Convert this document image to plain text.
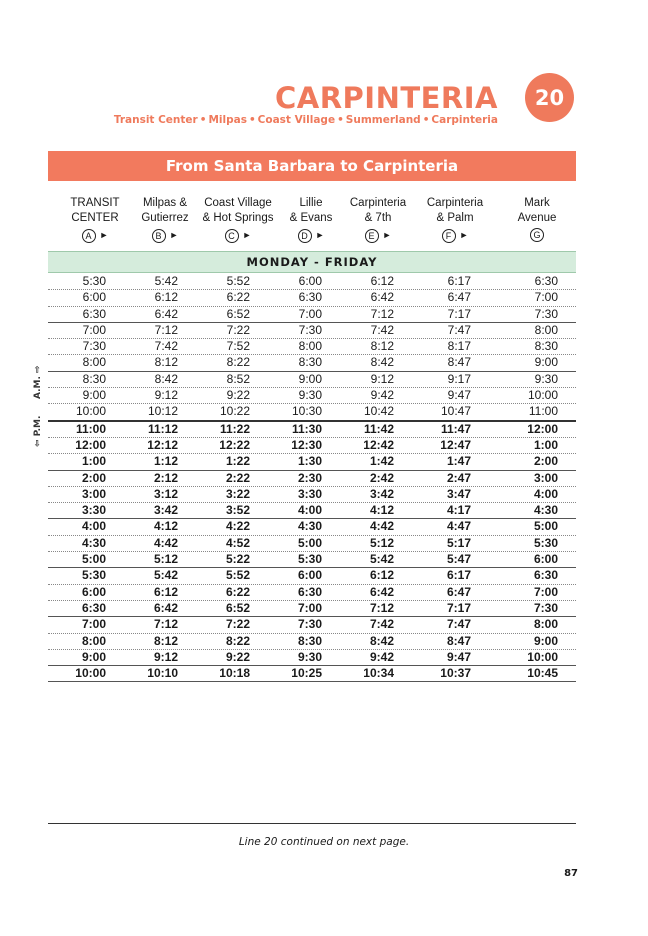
CARPINTERIA	20
Transit Center • Milpas • Coast Village • Summerland • Carpinteria
From Santa Barbara to Carpinteria
TRANSIT
CENTER
A ►
Milpas &
Gutierrez
B ►
Coast Village
& Hot Springs
C ►
Lillie
& Evans
D ►
Carpinteria
& 7th
E ►
Carpinteria
& Palm
F ►
Mark
Avenue
G
MONDAY - FRIDAY
5:30	5:42	5:52	6:00	6:12	6:17	6:30
6:00	6:12	6:22	6:30	6:42	6:47	7:00
6:30	6:42	6:52	7:00	7:12	7:17	7:30
7:00	7:12	7:22	7:30	7:42	7:47	8:00
7:30	7:42	7:52	8:00	8:12	8:17	8:30
8:00	8:12	8:22	8:30	8:42	8:47	9:00
8:30	8:42	8:52	9:00	9:12	9:17	9:30
9:00	9:12	9:22	9:30	9:42	9:47	10:00
10:00	10:12	10:22	10:30	10:42	10:47	11:00
11:00	11:12	11:22	11:30	11:42	11:47	12:00
12:00	12:12	12:22	12:30	12:42	12:47	1:00
1:00	1:12	1:22	1:30	1:42	1:47	2:00
2:00	2:12	2:22	2:30	2:42	2:47	3:00
3:00	3:12	3:22	3:30	3:42	3:47	4:00
3:30	3:42	3:52	4:00	4:12	4:17	4:30
4:00	4:12	4:22	4:30	4:42	4:47	5:00
4:30	4:42	4:52	5:00	5:12	5:17	5:30
5:00	5:12	5:22	5:30	5:42	5:47	6:00
5:30	5:42	5:52	6:00	6:12	6:17	6:30
6:00	6:12	6:22	6:30	6:42	6:47	7:00
6:30	6:42	6:52	7:00	7:12	7:17	7:30
7:00	7:12	7:22	7:30	7:42	7:47	8:00
8:00	8:12	8:22	8:30	8:42	8:47	9:00
9:00	9:12	9:22	9:30	9:42	9:47	10:00
10:00	10:10	10:18	10:25	10:34	10:37	10:45
A.M. ⇨
⇦ P.M.
Line 20 continued on next page.
87
